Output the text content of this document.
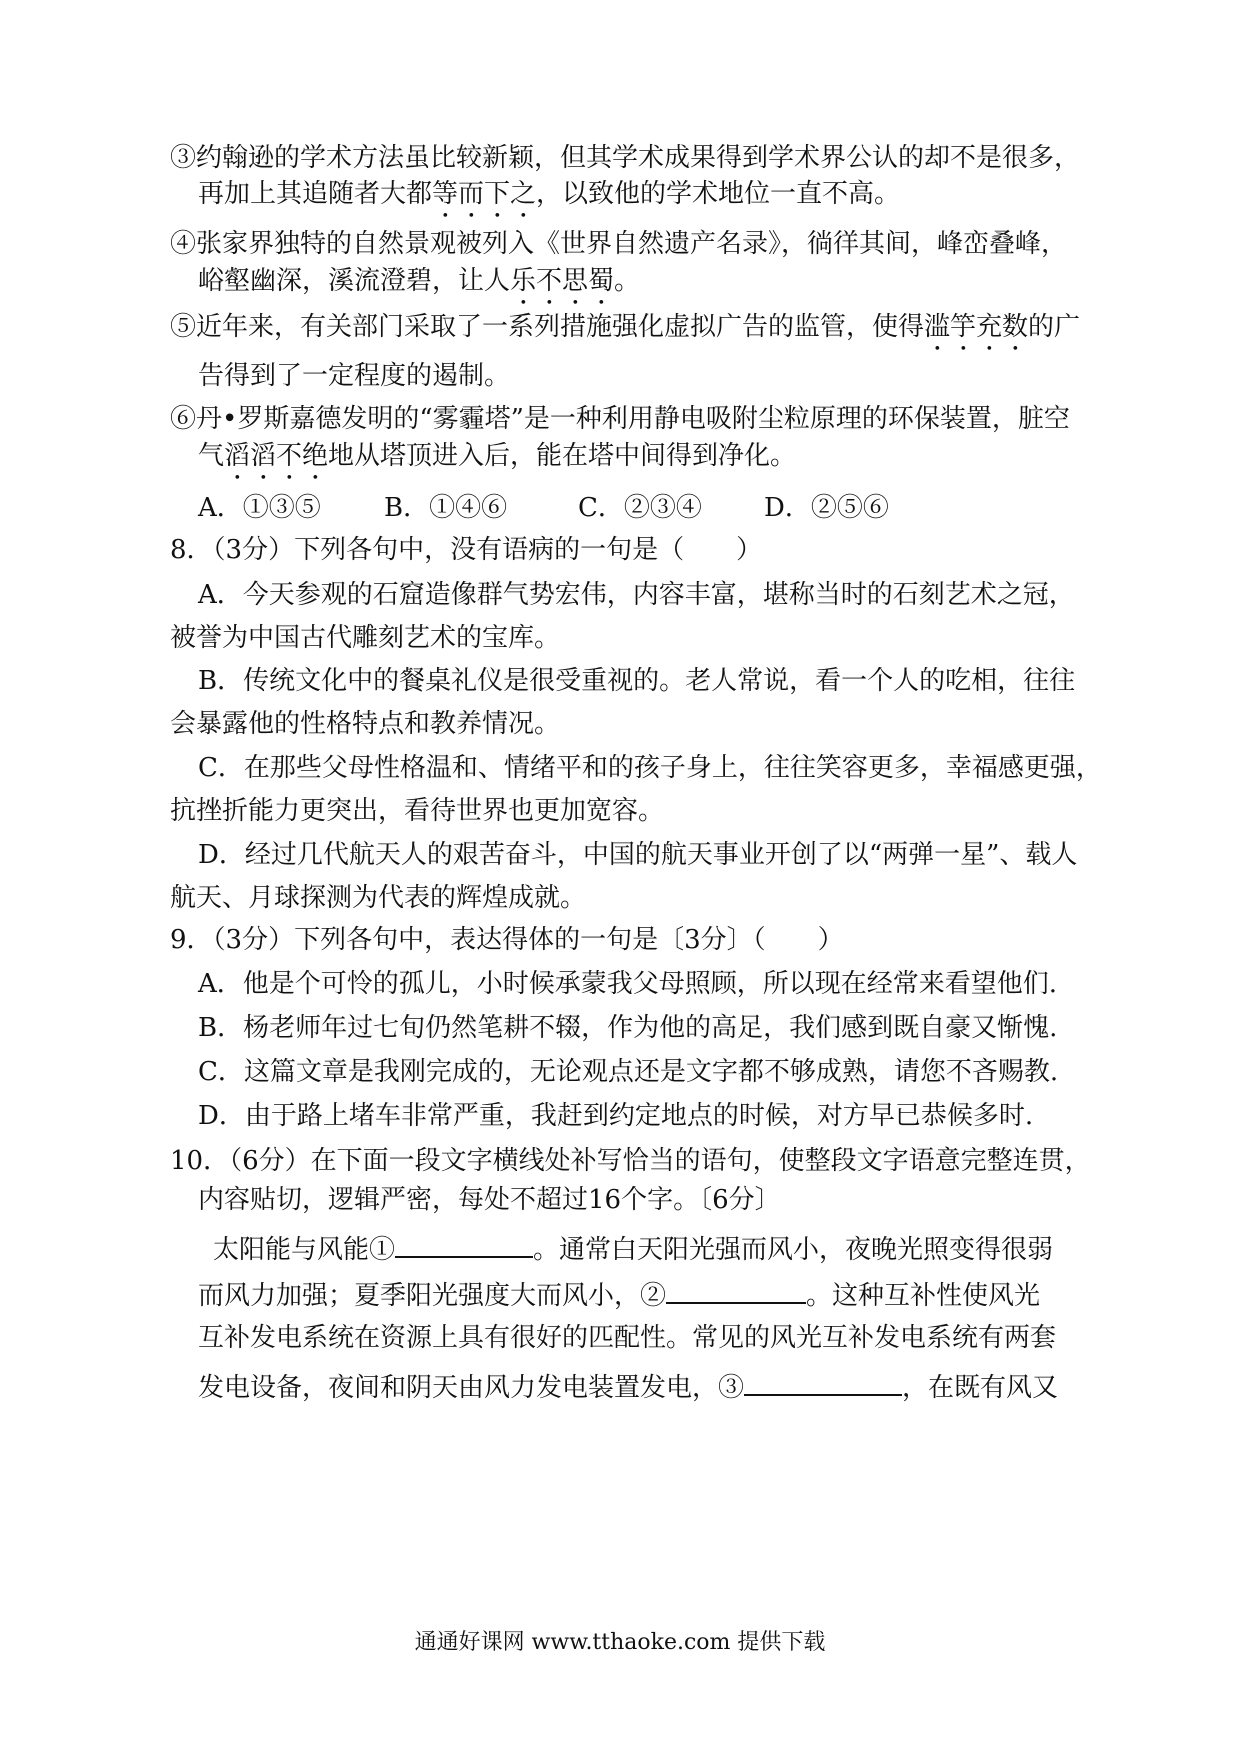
③约翰逊的学术方法虽比较新颖，但其学术成果得到学术界公认的却不是很多，
再加上其追随者大都等而下之，以致他的学术地位一直不高。
④张家界独特的自然景观被列入《世界自然遗产名录》，徜徉其间，峰峦叠峰，
峪壑幽深，溪流澄碧，让人乐不思蜀。
⑤近年来，有关部门采取了一系列措施强化虚拟广告的监管，使得滥竽充数的广
告得到了一定程度的遏制。
⑥丹•罗斯嘉德发明的“雾霾塔”是一种利用静电吸附尘粒原理的环保装置，脏空
气滔滔不绝地从塔顶进入后，能在塔中间得到净化。
A．①③⑤ B．①④⑥	C．②③④ D．②⑤⑥
8．（3分）下列各句中，没有语病的一句是（　　）
A．今天参观的石窟造像群气势宏伟，内容丰富，堪称当时的石刻艺术之冠，
被誉为中国古代雕刻艺术的宝库。
B．传统文化中的餐桌礼仪是很受重视的。老人常说，看一个人的吃相，往往
会暴露他的性格特点和教养情况。
C．在那些父母性格温和、情绪平和的孩子身上，往往笑容更多，幸福感更强，
抗挫折能力更突出，看待世界也更加宽容。
D．经过几代航天人的艰苦奋斗，中国的航天事业开创了以“两弹一星”、载人
航天、月球探测为代表的辉煌成就。
9．（3分）下列各句中，表达得体的一句是〔3分〕（　　）
A．他是个可怜的孤儿，小时候承蒙我父母照顾，所以现在经常来看望他们.
B．杨老师年过七旬仍然笔耕不辍，作为他的高足，我们感到既自豪又惭愧.
C．这篇文章是我刚完成的，无论观点还是文字都不够成熟，请您不吝赐教.
D．由于路上堵车非常严重，我赶到约定地点的时候，对方早已恭候多时.
10．（6分）在下面一段文字横线处补写恰当的语句，使整段文字语意完整连贯，
内容贴切，逻辑严密，每处不超过16个字。〔6分〕
太阳能与风能①	。通常白天阳光强而风小，夜晚光照变得很弱
而风力加强；夏季阳光强度大而风小，②	。这种互补性使风光
互补发电系统在资源上具有很好的匹配性。常见的风光互补发电系统有两套
发电设备，夜间和阴天由风力发电装置发电，③	，在既有风又
通通好课网 www.tthaoke.com 提供下载
